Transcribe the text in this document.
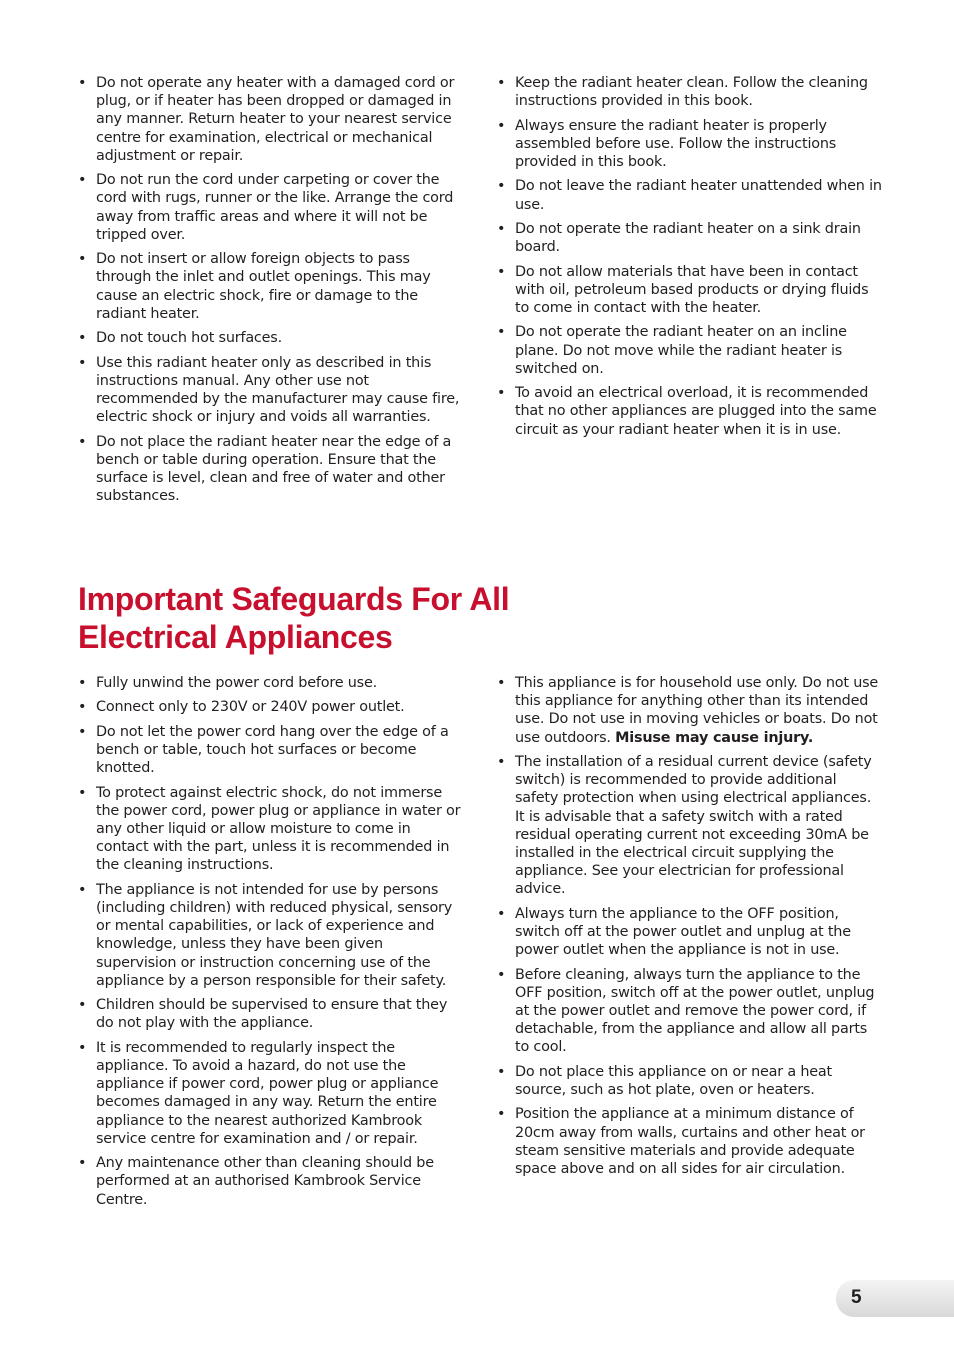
• Do not operate any heater with a damaged cord or plug, or if heater has been dropped or damaged in any manner. Return heater to your nearest service centre for examination, electrical or mechanical adjustment or repair.
• Do not run the cord under carpeting or cover the cord with rugs, runner or the like. Arrange the cord away from traffic areas and where it will not be tripped over.
• Do not insert or allow foreign objects to pass through the inlet and outlet openings. This may cause an electric shock, fire or damage to the radiant heater.
• Do not touch hot surfaces.
• Use this radiant heater only as described in this instructions manual. Any other use not recommended by the manufacturer may cause fire, electric shock or injury and voids all warranties.
• Do not place the radiant heater near the edge of a bench or table during operation. Ensure that the surface is level, clean and free of water and other substances.
• Keep the radiant heater clean. Follow the cleaning instructions provided in this book.
• Always ensure the radiant heater is properly assembled before use. Follow the instructions provided in this book.
• Do not leave the radiant heater unattended when in use.
• Do not operate the radiant heater on a sink drain board.
• Do not allow materials that have been in contact with oil, petroleum based products or drying fluids to come in contact with the heater.
• Do not operate the radiant heater on an incline plane. Do not move while the radiant heater is switched on.
• To avoid an electrical overload, it is recommended that no other appliances are plugged into the same circuit as your radiant heater when it is in use.
Important Safeguards For All
Electrical Appliances
• Fully unwind the power cord before use.
• Connect only to 230V or 240V power outlet.
• Do not let the power cord hang over the edge of a bench or table, touch hot surfaces or become knotted.
• To protect against electric shock, do not immerse the power cord, power plug or appliance in water or any other liquid or allow moisture to come in contact with the part, unless it is recommended in the cleaning instructions.
• The appliance is not intended for use by persons (including children) with reduced physical, sensory or mental capabilities, or lack of experience and knowledge, unless they have been given supervision or instruction concerning use of the appliance by a person responsible for their safety.
• Children should be supervised to ensure that they do not play with the appliance.
• It is recommended to regularly inspect the appliance. To avoid a hazard, do not use the appliance if power cord, power plug or appliance becomes damaged in any way. Return the entire appliance to the nearest authorized Kambrook service centre for examination and / or repair.
• Any maintenance other than cleaning should be performed at an authorised Kambrook Service Centre.
• This appliance is for household use only. Do not use this appliance for anything other than its intended use. Do not use in moving vehicles or boats. Do not use outdoors. Misuse may cause injury.
• The installation of a residual current device (safety switch) is recommended to provide additional safety protection when using electrical appliances. It is advisable that a safety switch with a rated residual operating current not exceeding 30mA be installed in the electrical circuit supplying the appliance. See your electrician for professional advice.
• Always turn the appliance to the OFF position, switch off at the power outlet and unplug at the power outlet when the appliance is not in use.
• Before cleaning, always turn the appliance to the OFF position, switch off at the power outlet, unplug at the power outlet and remove the power cord, if detachable, from the appliance and allow all parts to cool.
• Do not place this appliance on or near a heat source, such as hot plate, oven or heaters.
• Position the appliance at a minimum distance of 20cm away from walls, curtains and other heat or steam sensitive materials and provide adequate space above and on all sides for air circulation.
5
